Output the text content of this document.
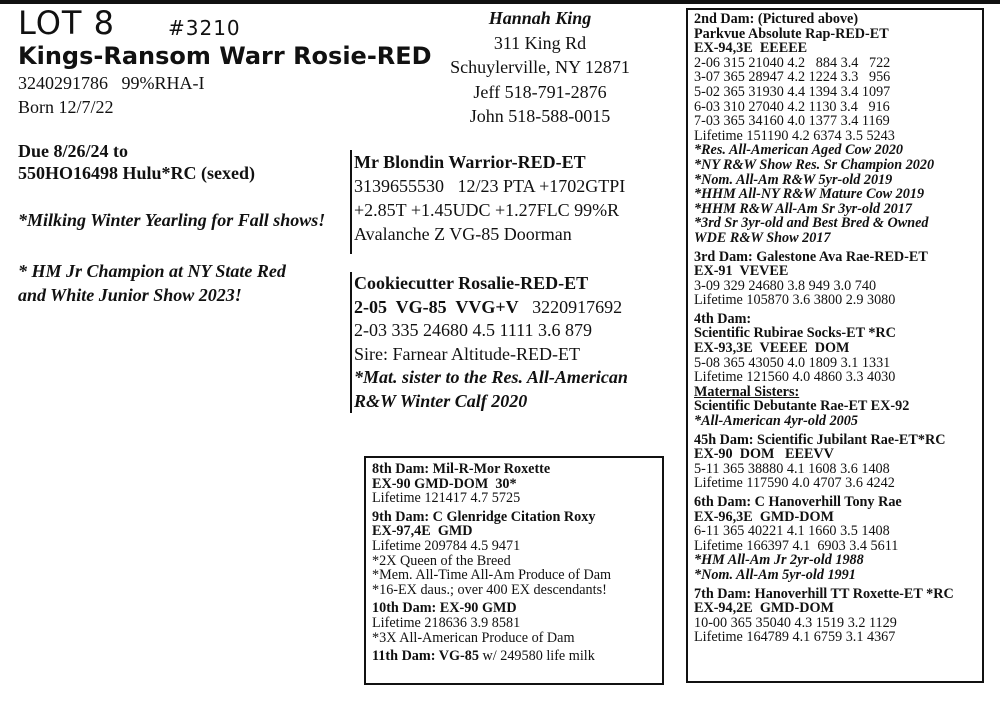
LOT 8	#3210
Kings-Ransom Warr Rosie-RED
3240291786   99%RHA-I
Born 12/7/22
Due 8/26/24 to
550HO16498 Hulu*RC (sexed)
*Milking Winter Yearling for Fall shows!
* HM Jr Champion at NY State Red
and White Junior Show 2023!
Hannah King
311 King Rd
Schuylerville, NY 12871
Jeff 518-791-2876
John 518-588-0015
Mr Blondin Warrior-RED-ET
3139655530   12/23 PTA +1702GTPI
+2.85T +1.45UDC +1.27FLC 99%R
Avalanche Z VG-85 Doorman
Cookiecutter Rosalie-RED-ET
2-05  VG-85  VVG+V 3220917692
2-03 335 24680 4.5 1111 3.6 879
Sire: Farnear Altitude-RED-ET
*Mat. sister to the Res. All-American
R&W Winter Calf 2020
8th Dam: Mil-R-Mor Roxette
EX-90 GMD-DOM  30*
Lifetime 121417 4.7 5725
9th Dam: C Glenridge Citation Roxy
EX-97,4E  GMD
Lifetime 209784 4.5 9471
*2X Queen of the Breed
*Mem. All-Time All-Am Produce of Dam
*16-EX daus.; over 400 EX descendants!
10th Dam: EX-90 GMD
Lifetime 218636 3.9 8581
*3X All-American Produce of Dam
11th Dam: VG-85 w/ 249580 life milk
2nd Dam: (Pictured above)
Parkvue Absolute Rap-RED-ET
EX-94,3E  EEEEE
2-06 315 21040 4.2   884 3.4   722
3-07 365 28947 4.2 1224 3.3   956
5-02 365 31930 4.4 1394 3.4 1097
6-03 310 27040 4.2 1130 3.4   916
7-03 365 34160 4.0 1377 3.4 1169
Lifetime 151190 4.2 6374 3.5 5243
*Res. All-American Aged Cow 2020
*NY R&W Show Res. Sr Champion 2020
*Nom. All-Am R&W 5yr-old 2019
*HHM All-NY R&W Mature Cow 2019
*HHM R&W All-Am Sr 3yr-old 2017
*3rd Sr 3yr-old and Best Bred & Owned
WDE R&W Show 2017
3rd Dam: Galestone Ava Rae-RED-ET
EX-91  VEVEE
3-09 329 24680 3.8 949 3.0 740
Lifetime 105870 3.6 3800 2.9 3080
4th Dam:
Scientific Rubirae Socks-ET *RC
EX-93,3E  VEEEE  DOM
5-08 365 43050 4.0 1809 3.1 1331
Lifetime 121560 4.0 4860 3.3 4030
Maternal Sisters:
Scientific Debutante Rae-ET EX-92
*All-American 4yr-old 2005
45h Dam: Scientific Jubilant Rae-ET*RC
EX-90  DOM   EEEVV
5-11 365 38880 4.1 1608 3.6 1408
Lifetime 117590 4.0 4707 3.6 4242
6th Dam: C Hanoverhill Tony Rae
EX-96,3E  GMD-DOM
6-11 365 40221 4.1 1660 3.5 1408
Lifetime 166397 4.1  6903 3.4 5611
*HM All-Am Jr 2yr-old 1988
*Nom. All-Am 5yr-old 1991
7th Dam: Hanoverhill TT Roxette-ET *RC
EX-94,2E  GMD-DOM
10-00 365 35040 4.3 1519 3.2 1129
Lifetime 164789 4.1 6759 3.1 4367
